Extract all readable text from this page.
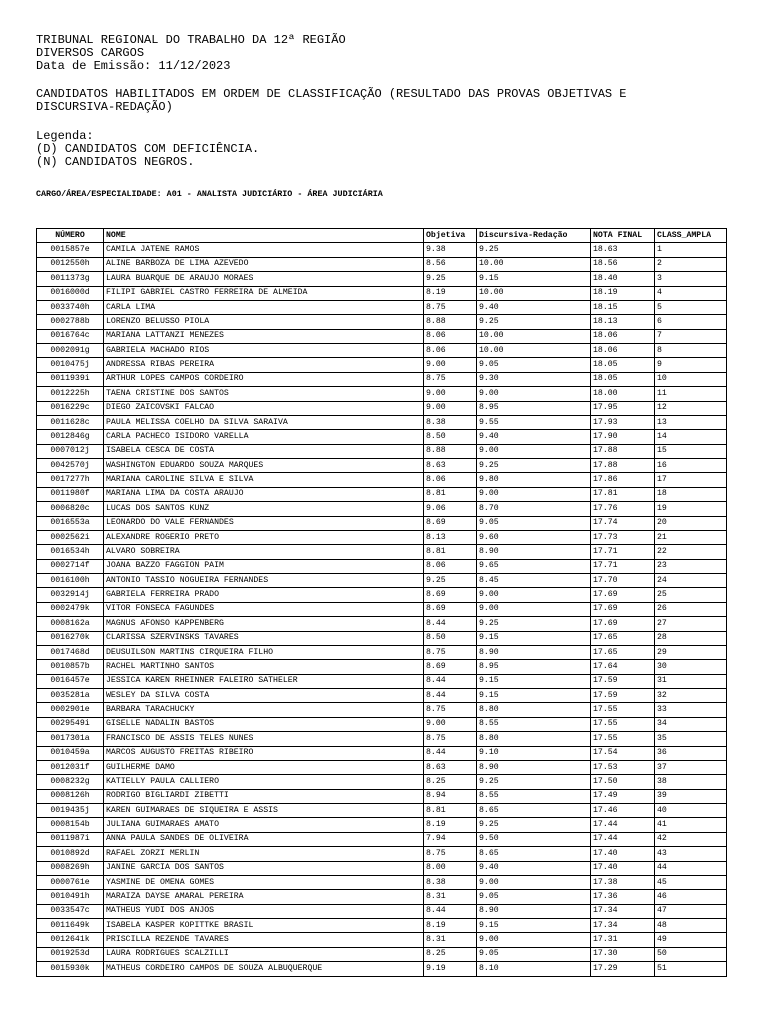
TRIBUNAL REGIONAL DO TRABALHO DA 12ª REGIÃO
DIVERSOS CARGOS
Data de Emissão: 11/12/2023
CANDIDATOS HABILITADOS EM ORDEM DE CLASSIFICAÇÃO (RESULTADO DAS PROVAS OBJETIVAS E
DISCURSIVA-REDAÇÃO)
Legenda:
(D) CANDIDATOS COM DEFICIÊNCIA.
(N) CANDIDATOS NEGROS.
CARGO/ÁREA/ESPECIALIDADE: A01 - ANALISTA JUDICIÁRIO - ÁREA JUDICIÁRIA
NÚMERO	NOME	Objetiva	Discursiva-Redação	NOTA FINAL	CLASS_AMPLA
0015857e	CAMILA JATENE RAMOS	9.38	9.25	18.63	1
0012550h	ALINE BARBOZA DE LIMA AZEVEDO	8.56	10.00	18.56	2
0011373g	LAURA BUARQUE DE ARAUJO MORAES	9.25	9.15	18.40	3
0016000d	FILIPI GABRIEL CASTRO FERREIRA DE ALMEIDA	8.19	10.00	18.19	4
0033740h	CARLA LIMA	8.75	9.40	18.15	5
0002788b	LORENZO BELUSSO PIOLA	8.88	9.25	18.13	6
0016764c	MARIANA LATTANZI MENEZES	8.06	10.00	18.06	7
0002091g	GABRIELA MACHADO RIOS	8.06	10.00	18.06	8
0010475j	ANDRESSA RIBAS PEREIRA	9.00	9.05	18.05	9
0011939i	ARTHUR LOPES CAMPOS CORDEIRO	8.75	9.30	18.05	10
0012225h	TAENA CRISTINE DOS SANTOS	9.00	9.00	18.00	11
0016229c	DIEGO ZAICOVSKI FALCAO	9.00	8.95	17.95	12
0011628c	PAULA MELISSA COELHO DA SILVA SARAIVA	8.38	9.55	17.93	13
0012846g	CARLA PACHECO ISIDORO VARELLA	8.50	9.40	17.90	14
0007012j	ISABELA CESCA DE COSTA	8.88	9.00	17.88	15
0042570j	WASHINGTON EDUARDO SOUZA MARQUES	8.63	9.25	17.88	16
0017277h	MARIANA CAROLINE SILVA E SILVA	8.06	9.80	17.86	17
0011980f	MARIANA LIMA DA COSTA ARAUJO	8.81	9.00	17.81	18
0006820c	LUCAS DOS SANTOS KUNZ	9.06	8.70	17.76	19
0016553a	LEONARDO DO VALE FERNANDES	8.69	9.05	17.74	20
0002562i	ALEXANDRE ROGERIO PRETO	8.13	9.60	17.73	21
0016534h	ALVARO SOBREIRA	8.81	8.90	17.71	22
0002714f	JOANA BAZZO FAGGION PAIM	8.06	9.65	17.71	23
0016100h	ANTONIO TASSIO NOGUEIRA FERNANDES	9.25	8.45	17.70	24
0032914j	GABRIELA FERREIRA PRADO	8.69	9.00	17.69	25
0002479k	VITOR FONSECA FAGUNDES	8.69	9.00	17.69	26
0008162a	MAGNUS AFONSO KAPPENBERG	8.44	9.25	17.69	27
0016270k	CLARISSA SZERVINSKS TAVARES	8.50	9.15	17.65	28
0017468d	DEUSUILSON MARTINS CIRQUEIRA FILHO	8.75	8.90	17.65	29
0010857b	RACHEL MARTINHO SANTOS	8.69	8.95	17.64	30
0016457e	JESSICA KAREN RHEINNER FALEIRO SATHELER	8.44	9.15	17.59	31
0035281a	WESLEY DA SILVA COSTA	8.44	9.15	17.59	32
0002901e	BARBARA TARACHUCKY	8.75	8.80	17.55	33
0029549i	GISELLE NADALIN BASTOS	9.00	8.55	17.55	34
0017301a	FRANCISCO DE ASSIS TELES NUNES	8.75	8.80	17.55	35
0010459a	MARCOS AUGUSTO FREITAS RIBEIRO	8.44	9.10	17.54	36
0012031f	GUILHERME DAMO	8.63	8.90	17.53	37
0008232g	KATIELLY PAULA CALLIERO	8.25	9.25	17.50	38
0008126h	RODRIGO BIGLIARDI ZIBETTI	8.94	8.55	17.49	39
0019435j	KAREN GUIMARAES DE SIQUEIRA E ASSIS	8.81	8.65	17.46	40
0008154b	JULIANA GUIMARAES AMATO	8.19	9.25	17.44	41
0011987i	ANNA PAULA SANDES DE OLIVEIRA	7.94	9.50	17.44	42
0010892d	RAFAEL ZORZI MERLIN	8.75	8.65	17.40	43
0008269h	JANINE GARCIA DOS SANTOS	8.00	9.40	17.40	44
0000761e	YASMINE DE OMENA GOMES	8.38	9.00	17.38	45
0010491h	MARAIZA DAYSE AMARAL PEREIRA	8.31	9.05	17.36	46
0033547c	MATHEUS YUDI DOS ANJOS	8.44	8.90	17.34	47
0011649k	ISABELA KASPER KOPITTKE BRASIL	8.19	9.15	17.34	48
0012641k	PRISCILLA REZENDE TAVARES	8.31	9.00	17.31	49
0019253d	LAURA RODRIGUES SCALZILLI	8.25	9.05	17.30	50
0015930k	MATHEUS CORDEIRO CAMPOS DE SOUZA ALBUQUERQUE	9.19	8.10	17.29	51
